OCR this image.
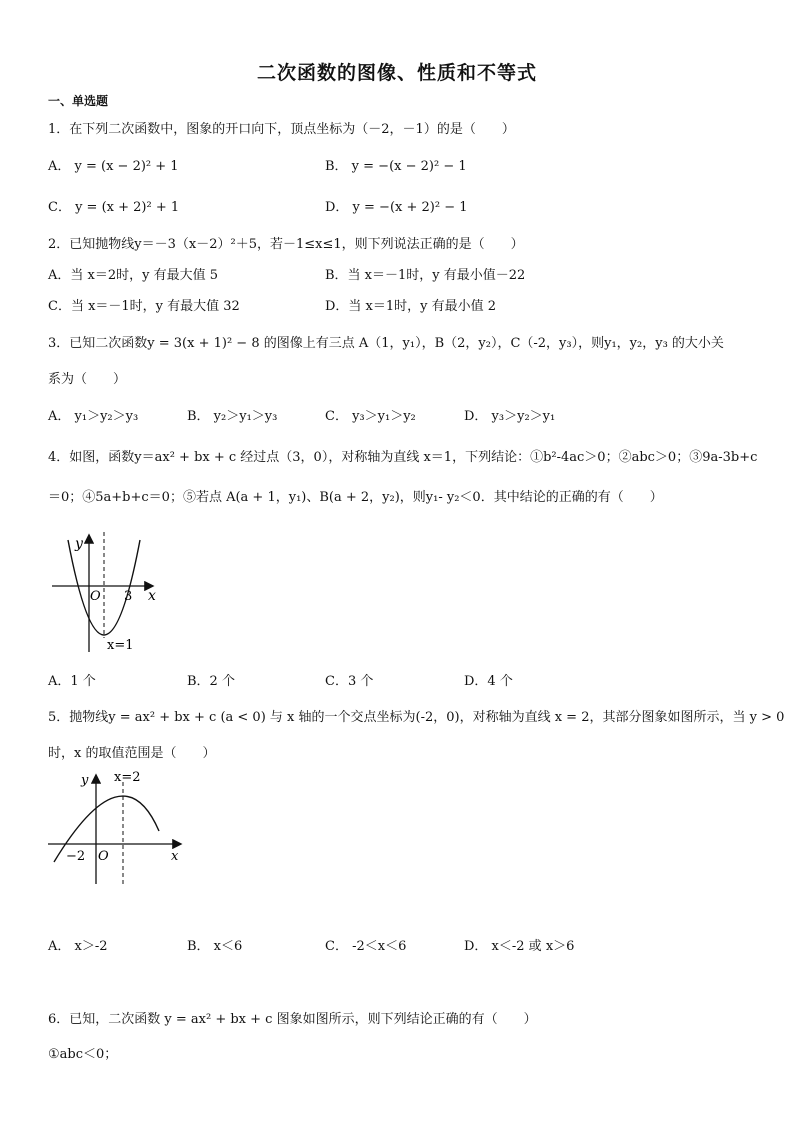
二次函数的图像、性质和不等式
一、单选题
1．在下列二次函数中，图象的开口向下，顶点坐标为（－2，－1）的是（　　）
A． y = (x − 2)² + 1	B． y = −(x − 2)² − 1
C． y = (x + 2)² + 1	D． y = −(x + 2)² − 1
2．已知抛物线y＝－3（x－2）²＋5，若－1≤x≤1，则下列说法正确的是（　　）
A．当 x＝2时，y 有最大值 5	B．当 x＝－1时，y 有最小值－22
C．当 x＝－1时，y 有最大值 32	D．当 x＝1时，y 有最小值 2
3．已知二次函数y = 3(x + 1)² − 8 的图像上有三点 A（1，y₁），B（2，y₂），C（-2，y₃），则y₁，y₂，y₃ 的大小关
系为（　　）
A． y₁＞y₂＞y₃	B． y₂＞y₁＞y₃	C． y₃＞y₁＞y₂	D． y₃＞y₂＞y₁
4．如图，函数y＝ax² + bx + c 经过点（3，0），对称轴为直线 x＝1，下列结论：①b²-4ac＞0；②abc＞0；③9a-3b+c
＝0；④5a+b+c＝0；⑤若点 A(a + 1，y₁)、B(a + 2，y₂)，则y₁- y₂＜0．其中结论的正确的有（　　）
y
O	x
3
x=1
A．1 个	B．2 个	C．3 个	D．4 个
5．抛物线y = ax² + bx + c (a < 0) 与 x 轴的一个交点坐标为(-2，0)，对称轴为直线 x = 2，其部分图象如图所示，当 y > 0
时，x 的取值范围是（　　）
y x=2
−2 O	x
A． x＞-2	B． x＜6	C． -2＜x＜6	D． x＜-2 或 x＞6
6．已知，二次函数 y = ax² + bx + c 图象如图所示，则下列结论正确的有（　　）
①abc＜0；
